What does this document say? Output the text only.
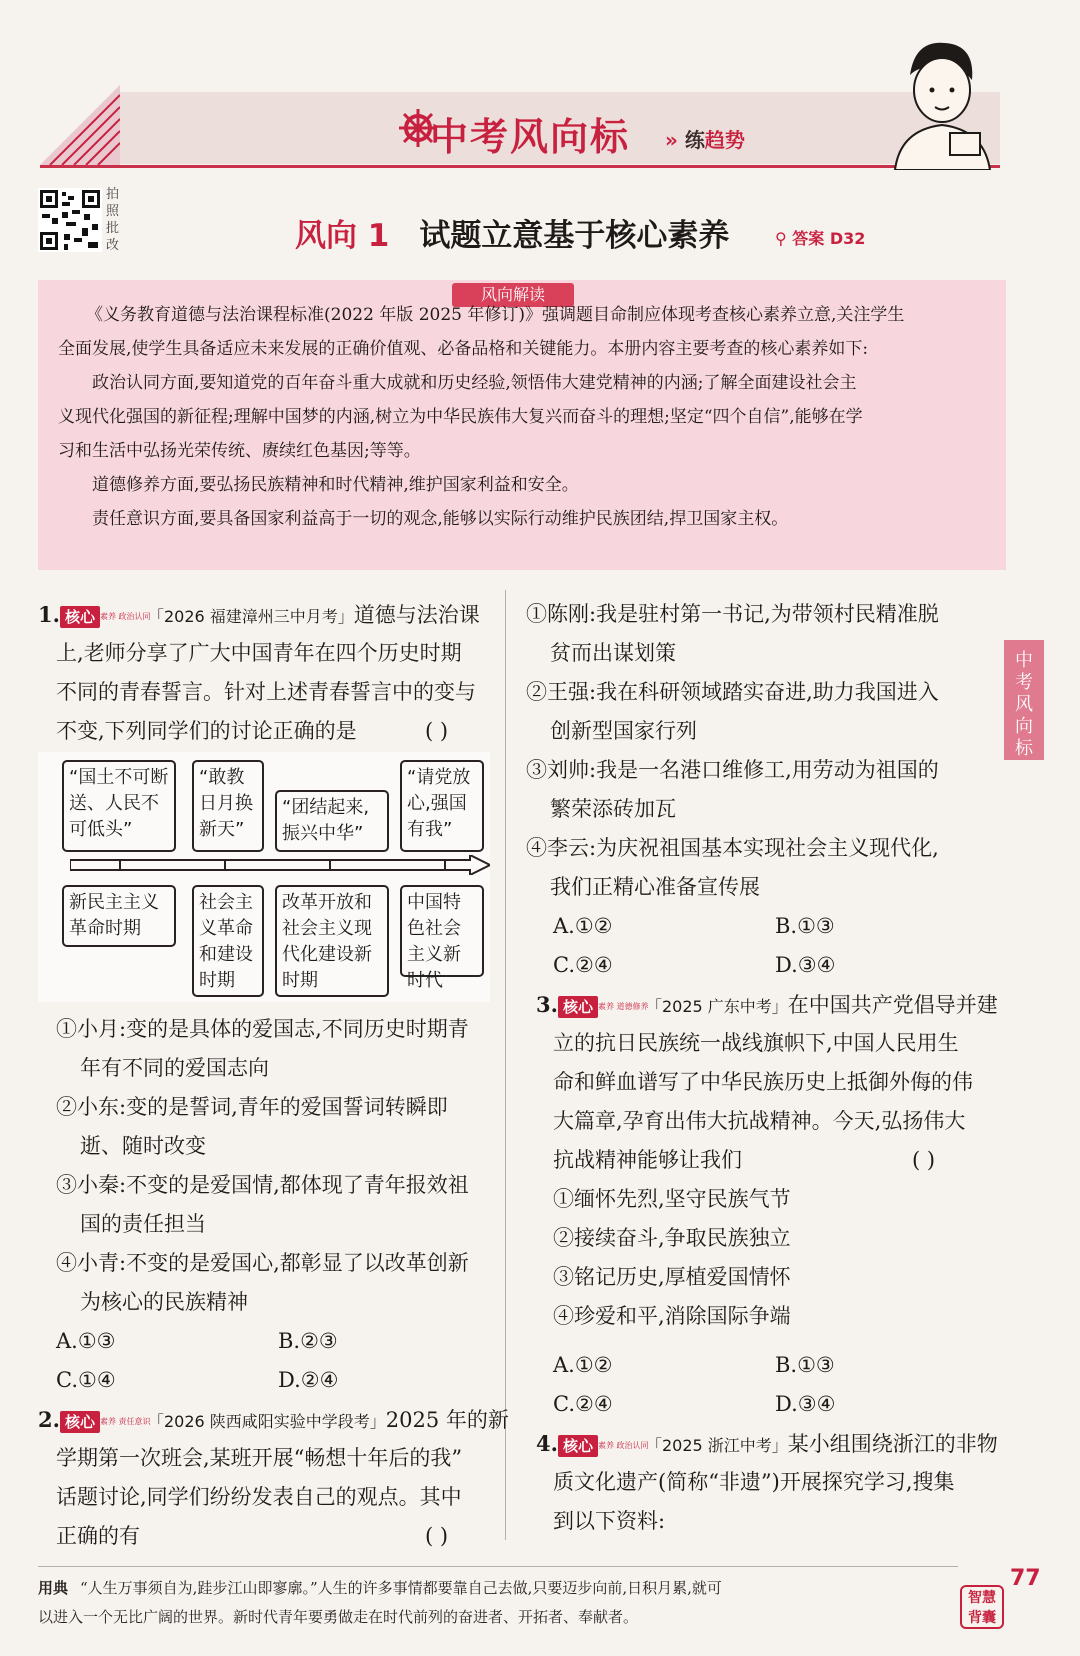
中考风向标 » 练趋势
拍照批改	风向 1 试题立意基于核心素养	⚲ 答案 D32
风向解读
《义务教育道德与法治课程标准(2022 年版 2025 年修订)》强调题目命制应体现考查核心素养立意,关注学生
全面发展,使学生具备适应未来发展的正确价值观、必备品格和关键能力。本册内容主要考查的核心素养如下:
政治认同方面,要知道党的百年奋斗重大成就和历史经验,领悟伟大建党精神的内涵;了解全面建设社会主
义现代化强国的新征程;理解中国梦的内涵,树立为中华民族伟大复兴而奋斗的理想;坚定“四个自信”,能够在学
习和生活中弘扬光荣传统、赓续红色基因;等等。
道德修养方面,要弘扬民族精神和时代精神,维护国家利益和安全。
责任意识方面,要具备国家利益高于一切的观念,能够以实际行动维护民族团结,捍卫国家主权。
1. 核心 素养 政治认同「2026 福建漳州三中月考」道德与法治课
上,老师分享了广大中国青年在四个历史时期
不同的青春誓言。针对上述青春誓言中的变与
不变,下列同学们的讨论正确的是	( )
“国土不可断送、人民不可低头”
“敢教日月换新天”
“团结起来,振兴中华”
“请党放心,强国有我”
新民主主义革命时期
社会主义革命和建设时期
改革开放和社会主义现代化建设新时期
中国特色社会主义新时代
①小月:变的是具体的爱国志,不同历史时期青
年有不同的爱国志向
②小东:变的是誓词,青年的爱国誓词转瞬即
逝、随时改变
③小秦:不变的是爱国情,都体现了青年报效祖
国的责任担当
④小青:不变的是爱国心,都彰显了以改革创新
为核心的民族精神
A.①③	B.②③
C.①④	D.②④
2. 核心 素养 责任意识「2026 陕西咸阳实验中学段考」2025 年的新
学期第一次班会,某班开展“畅想十年后的我”
话题讨论,同学们纷纷发表自己的观点。其中
正确的有	( )
①陈刚:我是驻村第一书记,为带领村民精准脱
贫而出谋划策
②王强:我在科研领域踏实奋进,助力我国进入
创新型国家行列
③刘帅:我是一名港口维修工,用劳动为祖国的
繁荣添砖加瓦
④李云:为庆祝祖国基本实现社会主义现代化,
我们正精心准备宣传展
A.①②	B.①③
C.②④	D.③④
3. 核心 素养 道德修养「2025 广东中考」在中国共产党倡导并建
立的抗日民族统一战线旗帜下,中国人民用生
命和鲜血谱写了中华民族历史上抵御外侮的伟
大篇章,孕育出伟大抗战精神。今天,弘扬伟大
抗战精神能够让我们	( )
①缅怀先烈,坚守民族气节
②接续奋斗,争取民族独立
③铭记历史,厚植爱国情怀
④珍爱和平,消除国际争端
A.①②	B.①③
C.②④	D.③④
4. 核心 素养 政治认同「2025 浙江中考」某小组围绕浙江的非物
质文化遗产(简称“非遗”)开展探究学习,搜集
到以下资料:
中考风向标
用典 “人生万事须自为,跬步江山即寥廓。”人生的许多事情都要靠自己去做,只要迈步向前,日积月累,就可
以进入一个无比广阔的世界。新时代青年要勇做走在时代前列的奋进者、开拓者、奉献者。
77
智慧背囊
